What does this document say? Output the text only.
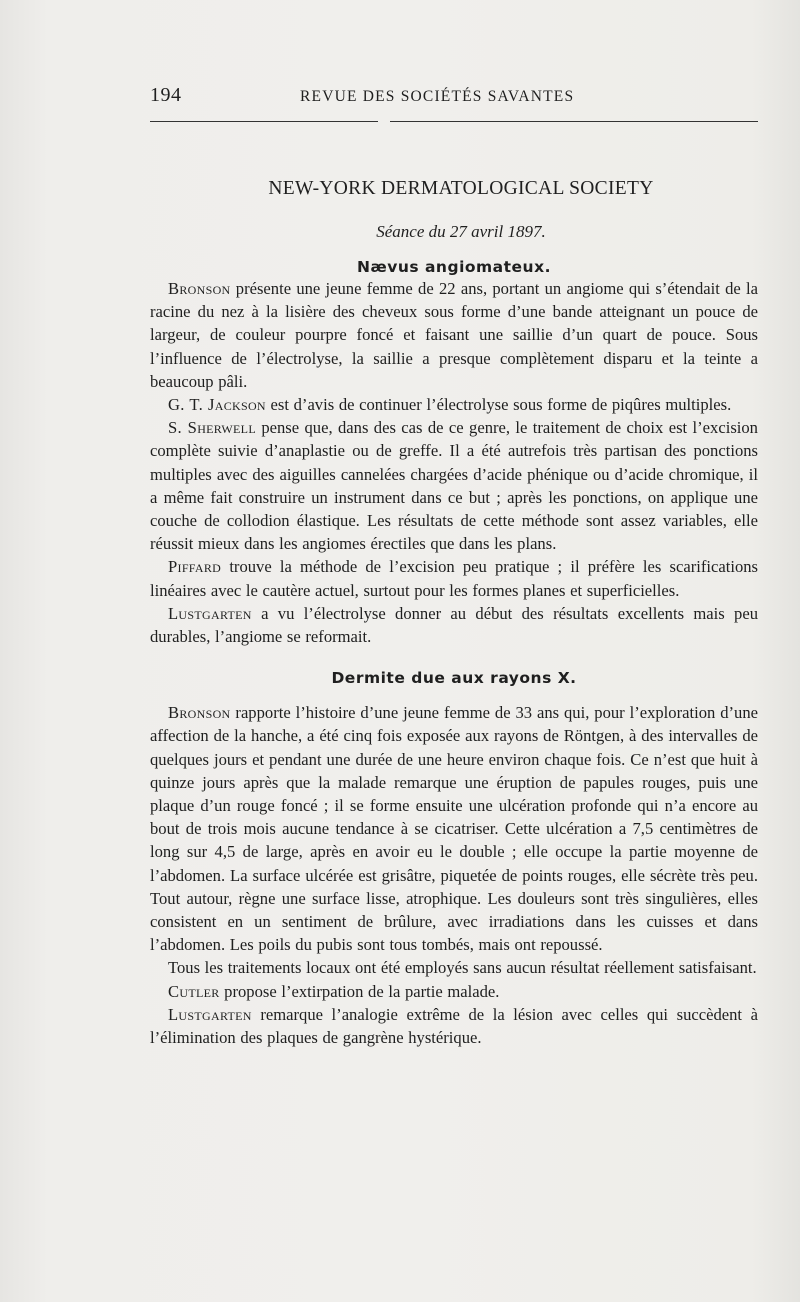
194	REVUE DES SOCIÉTÉS SAVANTES
NEW-YORK DERMATOLOGICAL SOCIETY
Séance du 27 avril 1897.
Nævus angiomateux.

Bronson présente une jeune femme de 22 ans, portant un angiome qui s’étendait de la racine du nez à la lisière des cheveux sous forme d’une bande atteignant un pouce de largeur, de couleur pourpre foncé et faisant une saillie d’un quart de pouce. Sous l’influence de l’électrolyse, la saillie a presque complètement disparu et la teinte a beaucoup pâli.

G. T. Jackson est d’avis de continuer l’électrolyse sous forme de piqûres multiples.

S. Sherwell pense que, dans des cas de ce genre, le traitement de choix est l’excision complète suivie d’anaplastie ou de greffe. Il a été autrefois très partisan des ponctions multiples avec des aiguilles cannelées chargées d’acide phénique ou d’acide chromique, il a même fait construire un instrument dans ce but ; après les ponctions, on applique une couche de collodion élastique. Les résultats de cette méthode sont assez variables, elle réussit mieux dans les angiomes érectiles que dans les plans.

Piffard trouve la méthode de l’excision peu pratique ; il préfère les scarifications linéaires avec le cautère actuel, surtout pour les formes planes et superficielles.

Lustgarten a vu l’électrolyse donner au début des résultats excellents mais peu durables, l’angiome se reformait.

Dermite due aux rayons X.

Bronson rapporte l’histoire d’une jeune femme de 33 ans qui, pour l’exploration d’une affection de la hanche, a été cinq fois exposée aux rayons de Röntgen, à des intervalles de quelques jours et pendant une durée de une heure environ chaque fois. Ce n’est que huit à quinze jours après que la malade remarque une éruption de papules rouges, puis une plaque d’un rouge foncé ; il se forme ensuite une ulcération profonde qui n’a encore au bout de trois mois aucune tendance à se cicatriser. Cette ulcération a 7,5 centimètres de long sur 4,5 de large, après en avoir eu le double ; elle occupe la partie moyenne de l’abdomen. La surface ulcérée est grisâtre, piquetée de points rouges, elle sécrète très peu. Tout autour, règne une surface lisse, atrophique. Les douleurs sont très singulières, elles consistent en un sentiment de brûlure, avec irradiations dans les cuisses et dans l’abdomen. Les poils du pubis sont tous tombés, mais ont repoussé.

Tous les traitements locaux ont été employés sans aucun résultat réellement satisfaisant.

Cutler propose l’extirpation de la partie malade.

Lustgarten remarque l’analogie extrême de la lésion avec celles qui succèdent à l’élimination des plaques de gangrène hystérique.
